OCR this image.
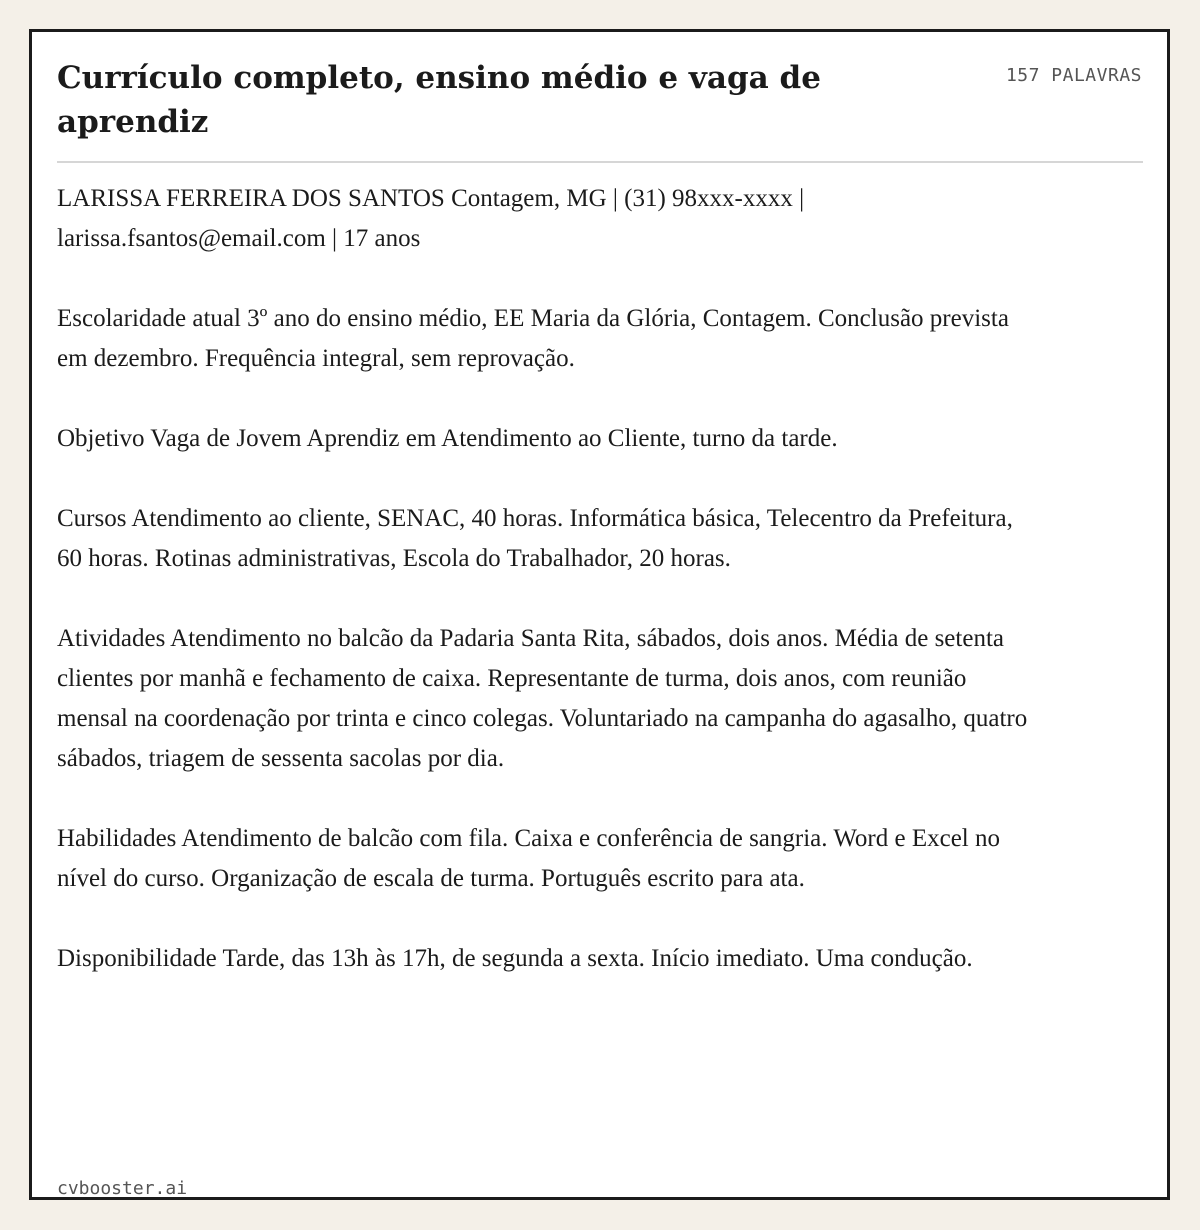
Currículo completo, ensino médio e vaga de aprendiz
157 PALAVRAS

LARISSA FERREIRA DOS SANTOS Contagem, MG | (31) 98xxx-xxxx | larissa.fsantos@email.com | 17 anos

Escolaridade atual 3º ano do ensino médio, EE Maria da Glória, Contagem. Conclusão prevista em dezembro. Frequência integral, sem reprovação.

Objetivo Vaga de Jovem Aprendiz em Atendimento ao Cliente, turno da tarde.

Cursos Atendimento ao cliente, SENAC, 40 horas. Informática básica, Telecentro da Prefeitura, 60 horas. Rotinas administrativas, Escola do Trabalhador, 20 horas.

Atividades Atendimento no balcão da Padaria Santa Rita, sábados, dois anos. Média de setenta clientes por manhã e fechamento de caixa. Representante de turma, dois anos, com reunião mensal na coordenação por trinta e cinco colegas. Voluntariado na campanha do agasalho, quatro sábados, triagem de sessenta sacolas por dia.

Habilidades Atendimento de balcão com fila. Caixa e conferência de sangria. Word e Excel no nível do curso. Organização de escala de turma. Português escrito para ata.

Disponibilidade Tarde, das 13h às 17h, de segunda a sexta. Início imediato. Uma condução.

cvbooster.ai
